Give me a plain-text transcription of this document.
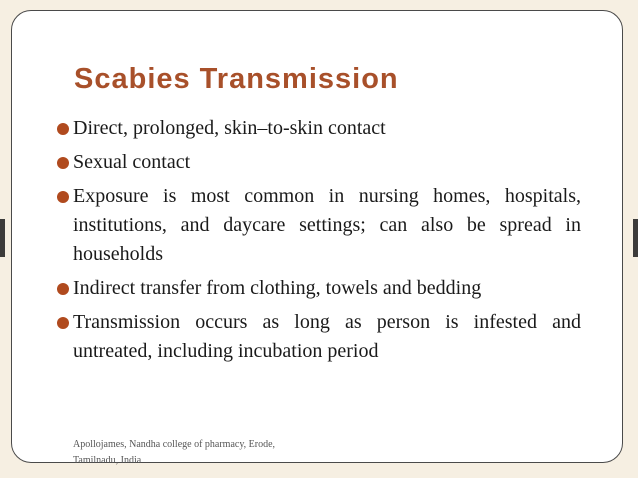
Scabies Transmission
Direct, prolonged, skin–to-skin contact
Sexual contact
Exposure is most common in nursing homes, hospitals, institutions, and daycare settings; can also be spread in households
Indirect transfer from clothing, towels and bedding
Transmission occurs as long as person is infested and untreated, including incubation period
Apollojames, Nandha college of pharmacy, Erode,
Tamilnadu, India
